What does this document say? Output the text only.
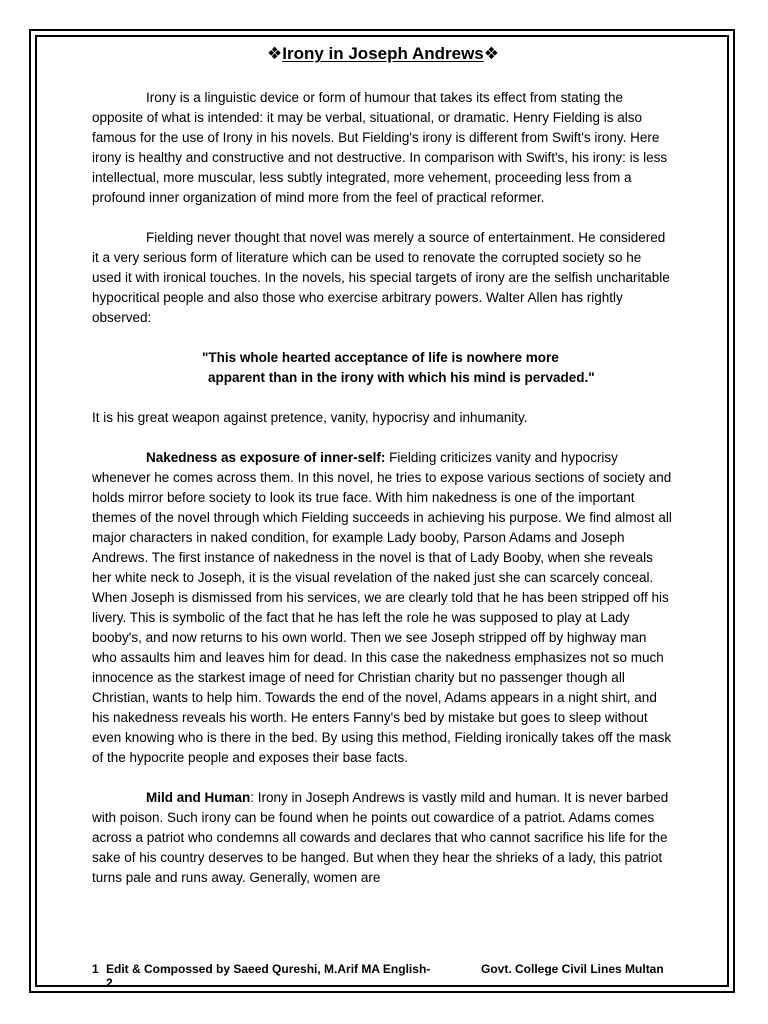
❖Irony in Joseph Andrews❖

Irony is a linguistic device or form of humour that takes its effect from stating the opposite of what is intended: it may be verbal, situational, or dramatic. Henry Fielding is also famous for the use of Irony in his novels. But Fielding's irony is different from Swift's irony. Here irony is healthy and constructive and not destructive. In comparison with Swift's, his irony: is less intellectual, more muscular, less subtly integrated, more vehement, proceeding less from a profound inner organization of mind more from the feel of practical reformer.

Fielding never thought that novel was merely a source of entertainment. He considered it a very serious form of literature which can be used to renovate the corrupted society so he used it with ironical touches. In the novels, his special targets of irony are the selfish uncharitable hypocritical people and also those who exercise arbitrary powers. Walter Allen has rightly observed:

"This whole hearted acceptance of life is nowhere more
apparent than in the irony with which his mind is pervaded."

It is his great weapon against pretence, vanity, hypocrisy and inhumanity.

Nakedness as exposure of inner-self: Fielding criticizes vanity and hypocrisy whenever he comes across them. In this novel, he tries to expose various sections of society and holds mirror before society to look its true face. With him nakedness is one of the important themes of the novel through which Fielding succeeds in achieving his purpose. We find almost all major characters in naked condition, for example Lady booby, Parson Adams and Joseph Andrews. The first instance of nakedness in the novel is that of Lady Booby, when she reveals her white neck to Joseph, it is the visual revelation of the naked just she can scarcely conceal. When Joseph is dismissed from his services, we are clearly told that he has been stripped off his livery. This is symbolic of the fact that he has left the role he was supposed to play at Lady booby's, and now returns to his own world. Then we see Joseph stripped off by highway man who assaults him and leaves him for dead. In this case the nakedness emphasizes not so much innocence as the starkest image of need for Christian charity but no passenger though all Christian, wants to help him. Towards the end of the novel, Adams appears in a night shirt, and his nakedness reveals his worth. He enters Fanny's bed by mistake but goes to sleep without even knowing who is there in the bed. By using this method, Fielding ironically takes off the mask of the hypocrite people and exposes their base facts.

Mild and Human: Irony in Joseph Andrews is vastly mild and human. It is never barbed with poison. Such irony can be found when he points out cowardice of a patriot. Adams comes across a patriot who condemns all cowards and declares that who cannot sacrifice his life for the sake of his country deserves to be hanged. But when they hear the shrieks of a lady, this patriot turns pale and runs away. Generally, women are

1 Edit & Compossed by Saeed Qureshi, M.Arif MA English-2
Govt. College Civil Lines Multan
